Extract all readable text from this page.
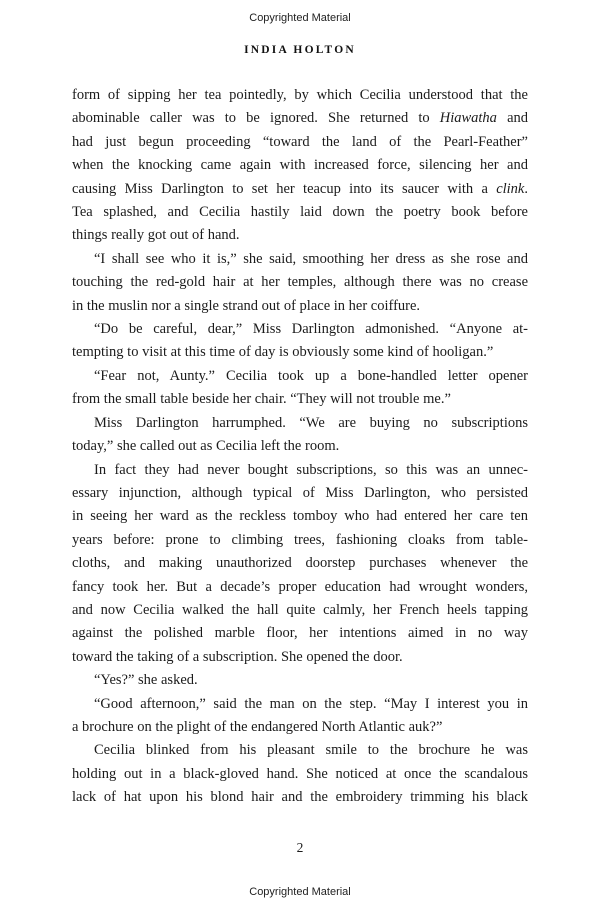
Copyrighted Material
INDIA HOLTON
form of sipping her tea pointedly, by which Cecilia understood that the
abominable caller was to be ignored. She returned to Hiawatha and
had just begun proceeding “toward the land of the Pearl-Feather”
when the knocking came again with increased force, silencing her and
causing Miss Darlington to set her teacup into its saucer with a clink.
Tea splashed, and Cecilia hastily laid down the poetry book before
things really got out of hand.
“I shall see who it is,” she said, smoothing her dress as she rose and
touching the red-gold hair at her temples, although there was no crease
in the muslin nor a single strand out of place in her coiffure.
“Do be careful, dear,” Miss Darlington admonished. “Anyone at-
tempting to visit at this time of day is obviously some kind of hooligan.”
“Fear not, Aunty.” Cecilia took up a bone-handled letter opener
from the small table beside her chair. “They will not trouble me.”
Miss Darlington harrumphed. “We are buying no subscriptions
today,” she called out as Cecilia left the room.
In fact they had never bought subscriptions, so this was an unnec-
essary injunction, although typical of Miss Darlington, who persisted
in seeing her ward as the reckless tomboy who had entered her care ten
years before: prone to climbing trees, fashioning cloaks from table-
cloths, and making unauthorized doorstep purchases whenever the
fancy took her. But a decade’s proper education had wrought wonders,
and now Cecilia walked the hall quite calmly, her French heels tapping
against the polished marble floor, her intentions aimed in no way
toward the taking of a subscription. She opened the door.
“Yes?” she asked.
“Good afternoon,” said the man on the step. “May I interest you in
a brochure on the plight of the endangered North Atlantic auk?”
Cecilia blinked from his pleasant smile to the brochure he was
holding out in a black-gloved hand. She noticed at once the scandalous
lack of hat upon his blond hair and the embroidery trimming his black
2
Copyrighted Material
